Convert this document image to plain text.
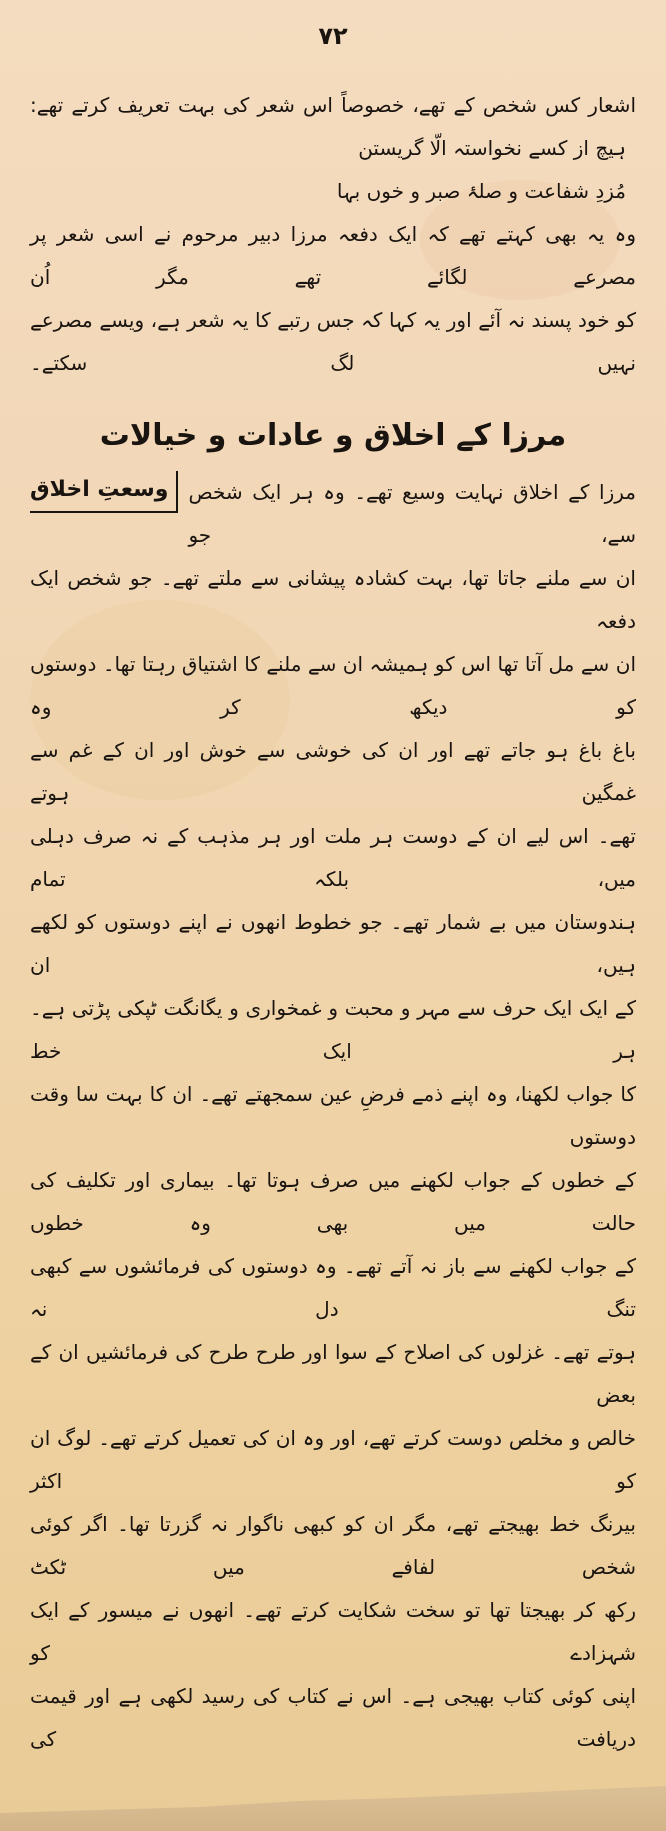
۷۲
اشعار کس شخص کے تھے، خصوصاً اس شعر کی بہت تعریف کرتے تھے:
ہیچ از کسے نخواستہ الّا گریستن
مُزدِ شفاعت و صلۂ صبر و خوں بہا
وہ یہ بھی کہتے تھے کہ ایک دفعہ مرزا دبیر مرحوم نے اسی شعر پر مصرعے لگائے تھے مگر اُن
کو خود پسند نہ آئے اور یہ کہا کہ جس رتبے کا یہ شعر ہے، ویسے مصرعے نہیں لگ سکتے۔
مرزا کے اخلاق و عادات و خیالات
مرزا کے اخلاق نہایت وسیع تھے۔ وہ ہر ایک شخص سے، جو
وسعتِ اخلاق
ان سے ملنے جاتا تھا، بہت کشادہ پیشانی سے ملتے تھے۔ جو شخص ایک دفعہ
ان سے مل آتا تھا اس کو ہمیشہ ان سے ملنے کا اشتیاق رہتا تھا۔ دوستوں کو دیکھ کر وہ
باغ باغ ہو جاتے تھے اور ان کی خوشی سے خوش اور ان کے غم سے غمگین ہوتے
تھے۔ اس لیے ان کے دوست ہر ملت اور ہر مذہب کے نہ صرف دہلی میں، بلکہ تمام
ہندوستان میں بے شمار تھے۔ جو خطوط انھوں نے اپنے دوستوں کو لکھے ہیں، ان
کے ایک ایک حرف سے مہر و محبت و غمخواری و یگانگت ٹپکی پڑتی ہے۔ ہر ایک خط
کا جواب لکھنا، وہ اپنے ذمے فرضِ عین سمجھتے تھے۔ ان کا بہت سا وقت دوستوں
کے خطوں کے جواب لکھنے میں صرف ہوتا تھا۔ بیماری اور تکلیف کی حالت میں بھی وہ خطوں
کے جواب لکھنے سے باز نہ آتے تھے۔ وہ دوستوں کی فرمائشوں سے کبھی تنگ دل نہ
ہوتے تھے۔ غزلوں کی اصلاح کے سوا اور طرح طرح کی فرمائشیں ان کے بعض
خالص و مخلص دوست کرتے تھے، اور وہ ان کی تعمیل کرتے تھے۔ لوگ ان کو اکثر
بیرنگ خط بھیجتے تھے، مگر ان کو کبھی ناگوار نہ گزرتا تھا۔ اگر کوئی شخص لفافے میں ٹکٹ
رکھ کر بھیجتا تھا تو سخت شکایت کرتے تھے۔ انھوں نے میسور کے ایک شہزادے کو
اپنی کوئی کتاب بھیجی ہے۔ اس نے کتاب کی رسید لکھی ہے اور قیمت دریافت کی
